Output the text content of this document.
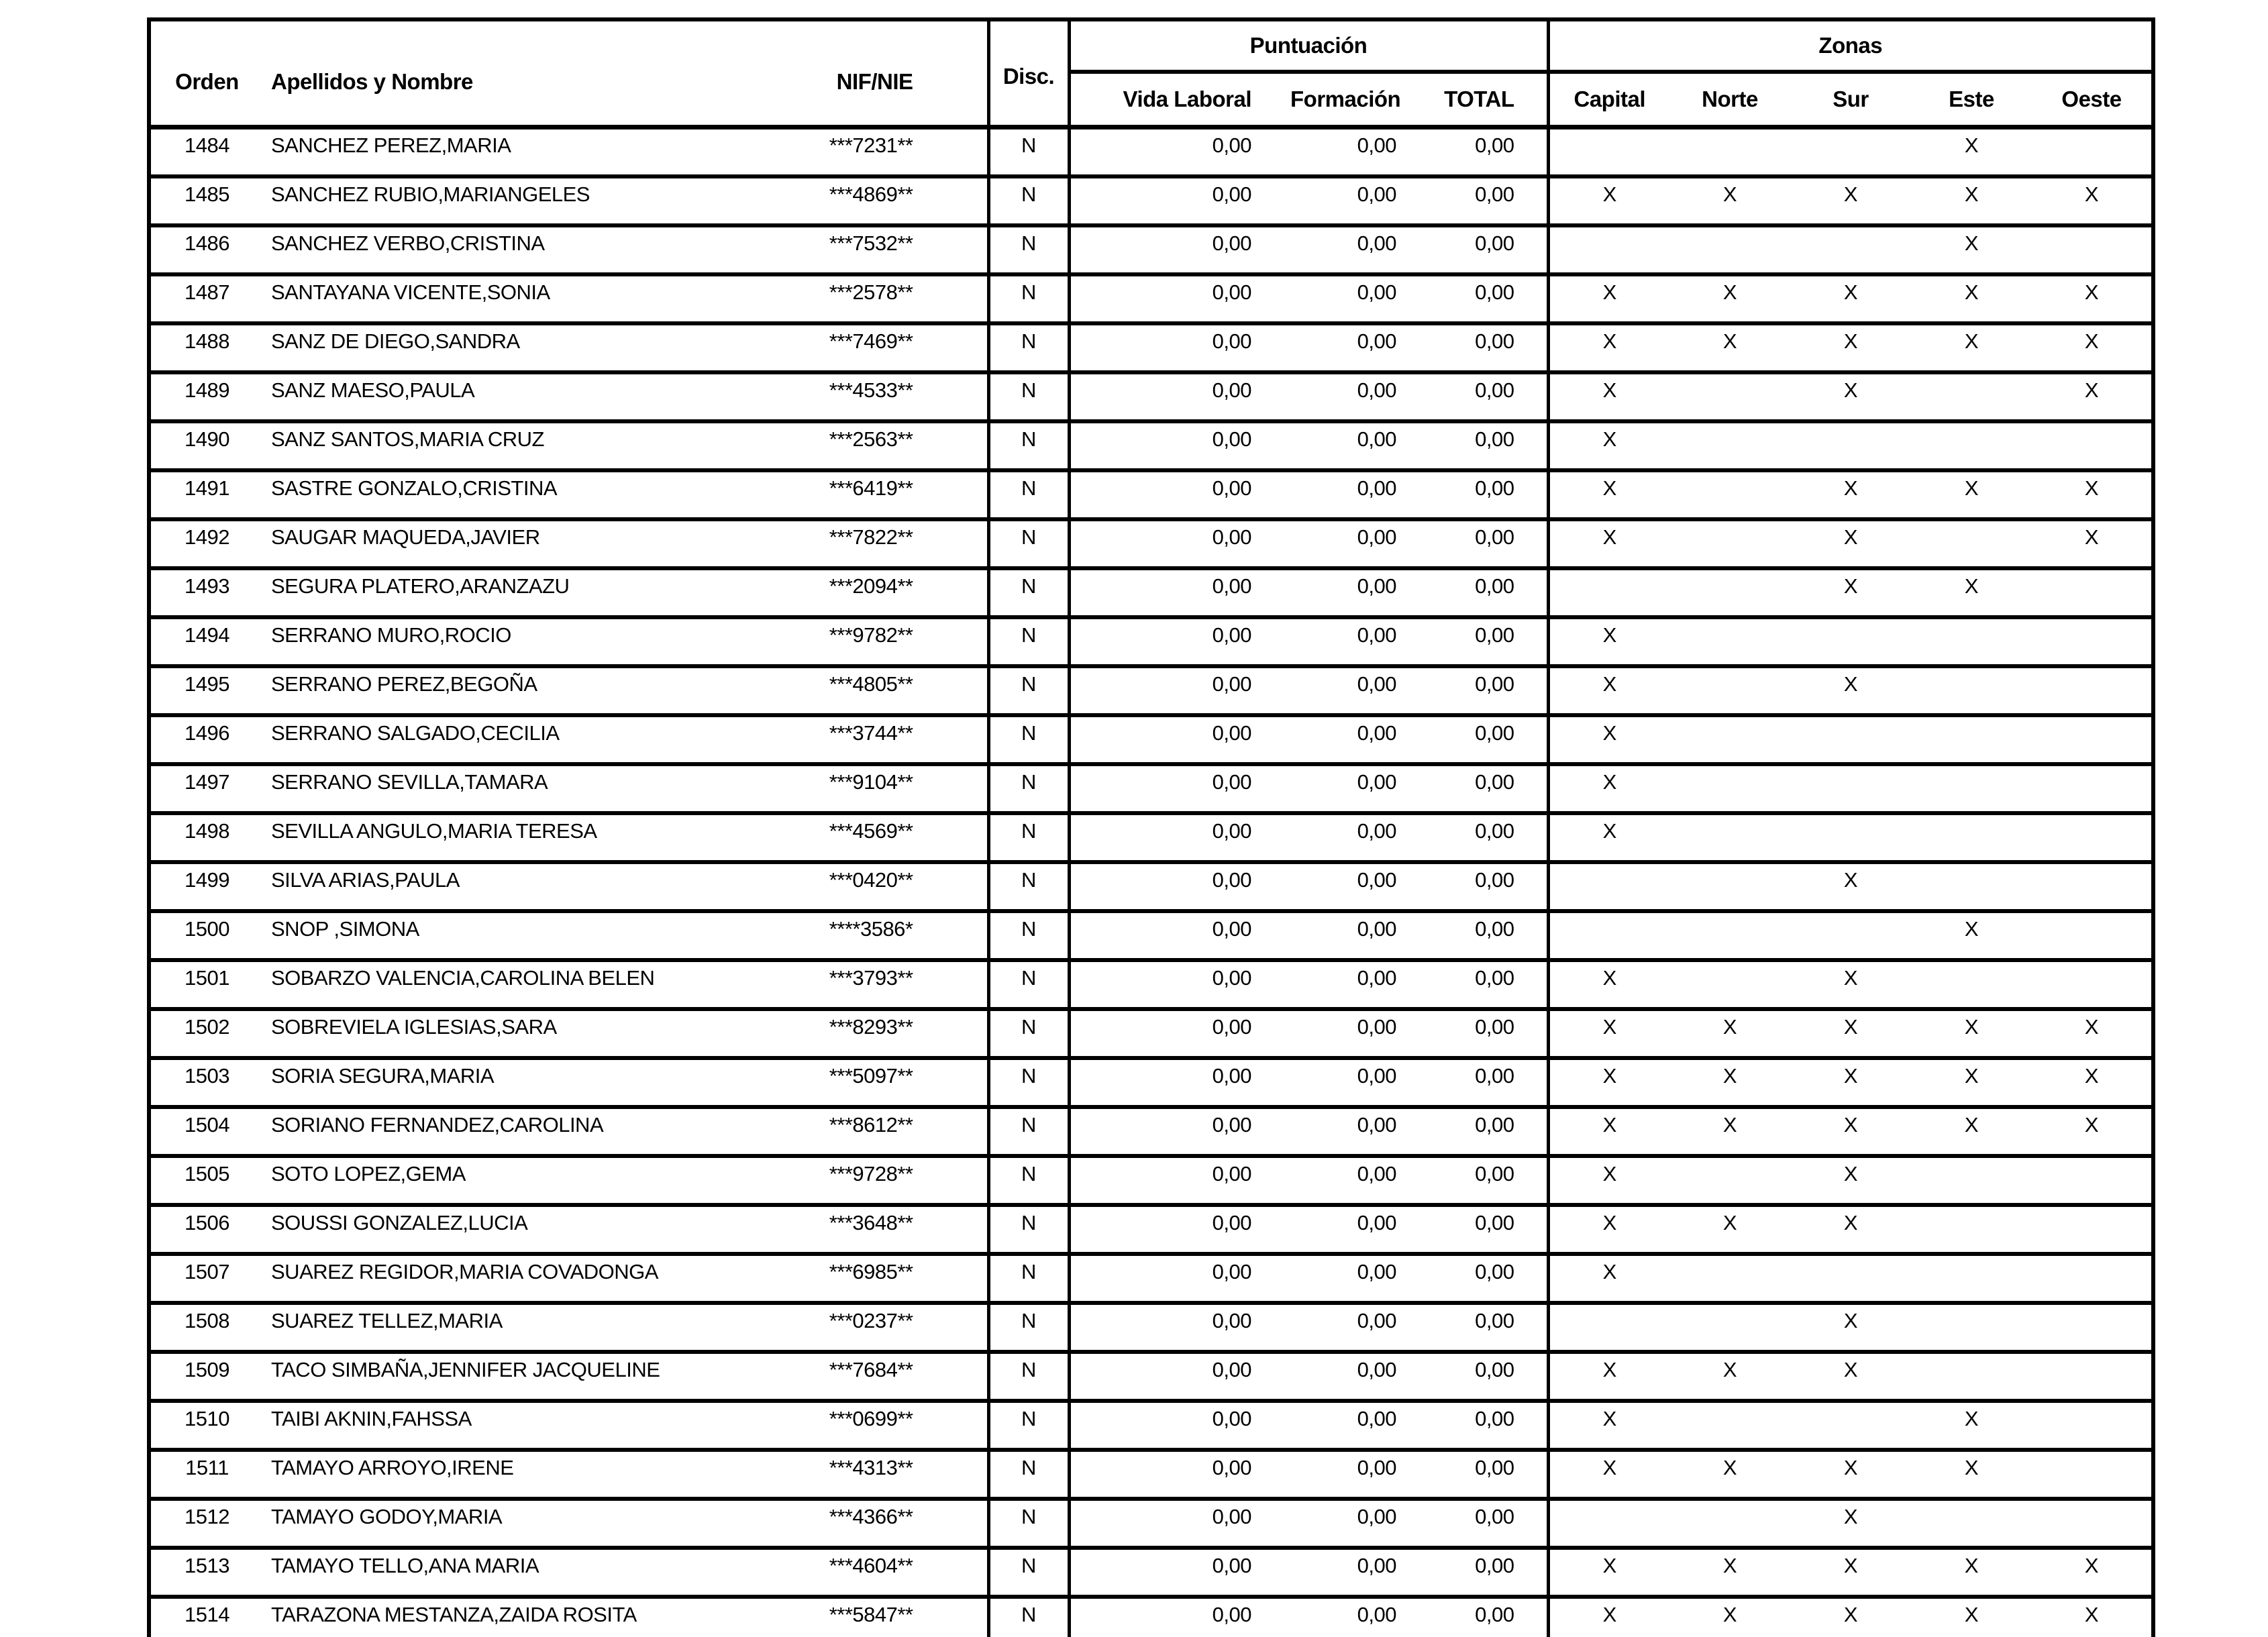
Orden	Apellidos y Nombre	NIF/NIE	Disc.	Puntuación			Zonas				
				Vida Laboral	Formación	TOTAL	Capital	Norte	Sur	Este	Oeste
1484	SANCHEZ PEREZ,MARIA	***7231**	N	0,00	0,00	0,00				X	
1485	SANCHEZ RUBIO,MARIANGELES	***4869**	N	0,00	0,00	0,00	X	X	X	X	X
1486	SANCHEZ VERBO,CRISTINA	***7532**	N	0,00	0,00	0,00				X	
1487	SANTAYANA VICENTE,SONIA	***2578**	N	0,00	0,00	0,00	X	X	X	X	X
1488	SANZ DE DIEGO,SANDRA	***7469**	N	0,00	0,00	0,00	X	X	X	X	X
1489	SANZ MAESO,PAULA	***4533**	N	0,00	0,00	0,00	X		X		X
1490	SANZ SANTOS,MARIA CRUZ	***2563**	N	0,00	0,00	0,00	X				
1491	SASTRE GONZALO,CRISTINA	***6419**	N	0,00	0,00	0,00	X		X	X	X
1492	SAUGAR MAQUEDA,JAVIER	***7822**	N	0,00	0,00	0,00	X		X		X
1493	SEGURA PLATERO,ARANZAZU	***2094**	N	0,00	0,00	0,00			X	X	
1494	SERRANO MURO,ROCIO	***9782**	N	0,00	0,00	0,00	X				
1495	SERRANO PEREZ,BEGOÑA	***4805**	N	0,00	0,00	0,00	X		X		
1496	SERRANO SALGADO,CECILIA	***3744**	N	0,00	0,00	0,00	X				
1497	SERRANO SEVILLA,TAMARA	***9104**	N	0,00	0,00	0,00	X				
1498	SEVILLA ANGULO,MARIA TERESA	***4569**	N	0,00	0,00	0,00	X				
1499	SILVA ARIAS,PAULA	***0420**	N	0,00	0,00	0,00			X		
1500	SNOP ,SIMONA	****3586*	N	0,00	0,00	0,00				X	
1501	SOBARZO VALENCIA,CAROLINA BELEN	***3793**	N	0,00	0,00	0,00	X		X		
1502	SOBREVIELA IGLESIAS,SARA	***8293**	N	0,00	0,00	0,00	X	X	X	X	X
1503	SORIA SEGURA,MARIA	***5097**	N	0,00	0,00	0,00	X	X	X	X	X
1504	SORIANO FERNANDEZ,CAROLINA	***8612**	N	0,00	0,00	0,00	X	X	X	X	X
1505	SOTO LOPEZ,GEMA	***9728**	N	0,00	0,00	0,00	X		X		
1506	SOUSSI GONZALEZ,LUCIA	***3648**	N	0,00	0,00	0,00	X	X	X		
1507	SUAREZ REGIDOR,MARIA COVADONGA	***6985**	N	0,00	0,00	0,00	X				
1508	SUAREZ TELLEZ,MARIA	***0237**	N	0,00	0,00	0,00			X		
1509	TACO SIMBAÑA,JENNIFER JACQUELINE	***7684**	N	0,00	0,00	0,00	X	X	X		
1510	TAIBI AKNIN,FAHSSA	***0699**	N	0,00	0,00	0,00	X			X	
1511	TAMAYO ARROYO,IRENE	***4313**	N	0,00	0,00	0,00	X	X	X	X	
1512	TAMAYO GODOY,MARIA	***4366**	N	0,00	0,00	0,00			X		
1513	TAMAYO TELLO,ANA MARIA	***4604**	N	0,00	0,00	0,00	X	X	X	X	X
1514	TARAZONA MESTANZA,ZAIDA ROSITA	***5847**	N	0,00	0,00	0,00	X	X	X	X	X
